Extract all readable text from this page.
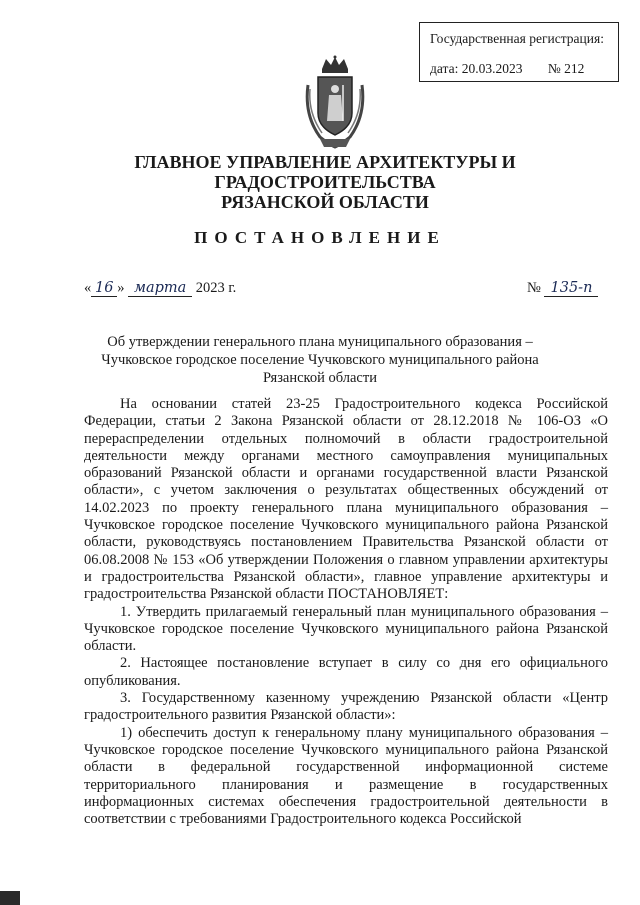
Государственная регистрация:
дата: 20.03.2023 № 212
ГЛАВНОЕ УПРАВЛЕНИЕ АРХИТЕКТУРЫ И ГРАДОСТРОИТЕЛЬСТВА
РЯЗАНСКОЙ ОБЛАСТИ
ПОСТАНОВЛЕНИЕ
« 16 » марта 2023 г.	№ 135-п
Об утверждении генерального плана муниципального образования –
Чучковское городское поселение Чучковского муниципального района
Рязанской области

На основании статей 23-25 Градостроительного кодекса Российской Федерации, статьи 2 Закона Рязанской области от 28.12.2018 № 106-ОЗ «О перераспределении отдельных полномочий в области градостроительной деятельности между органами местного самоуправления муниципальных образований Рязанской области и органами государственной власти Рязанской области», с учетом заключения о результатах общественных обсуждений от 14.02.2023 по проекту генерального плана муниципального образования – Чучковское городское поселение Чучковского муниципального района Рязанской области, руководствуясь постановлением Правительства Рязанской области от 06.08.2008 № 153 «Об утверждении Положения о главном управлении архитектуры и градостроительства Рязанской области», главное управление архитектуры и градостроительства Рязанской области ПОСТАНОВЛЯЕТ:

1. Утвердить прилагаемый генеральный план муниципального образования – Чучковское городское поселение Чучковского муниципального района Рязанской области.

2. Настоящее постановление вступает в силу со дня его официального опубликования.

3. Государственному казенному учреждению Рязанской области «Центр градостроительного развития Рязанской области»:

1) обеспечить доступ к генеральному плану муниципального образования – Чучковское городское поселение Чучковского муниципального района Рязанской области в федеральной государственной информационной системе территориального планирования и размещение в государственных информационных системах обеспечения градостроительной деятельности в соответствии с требованиями Градостроительного кодекса Российской
